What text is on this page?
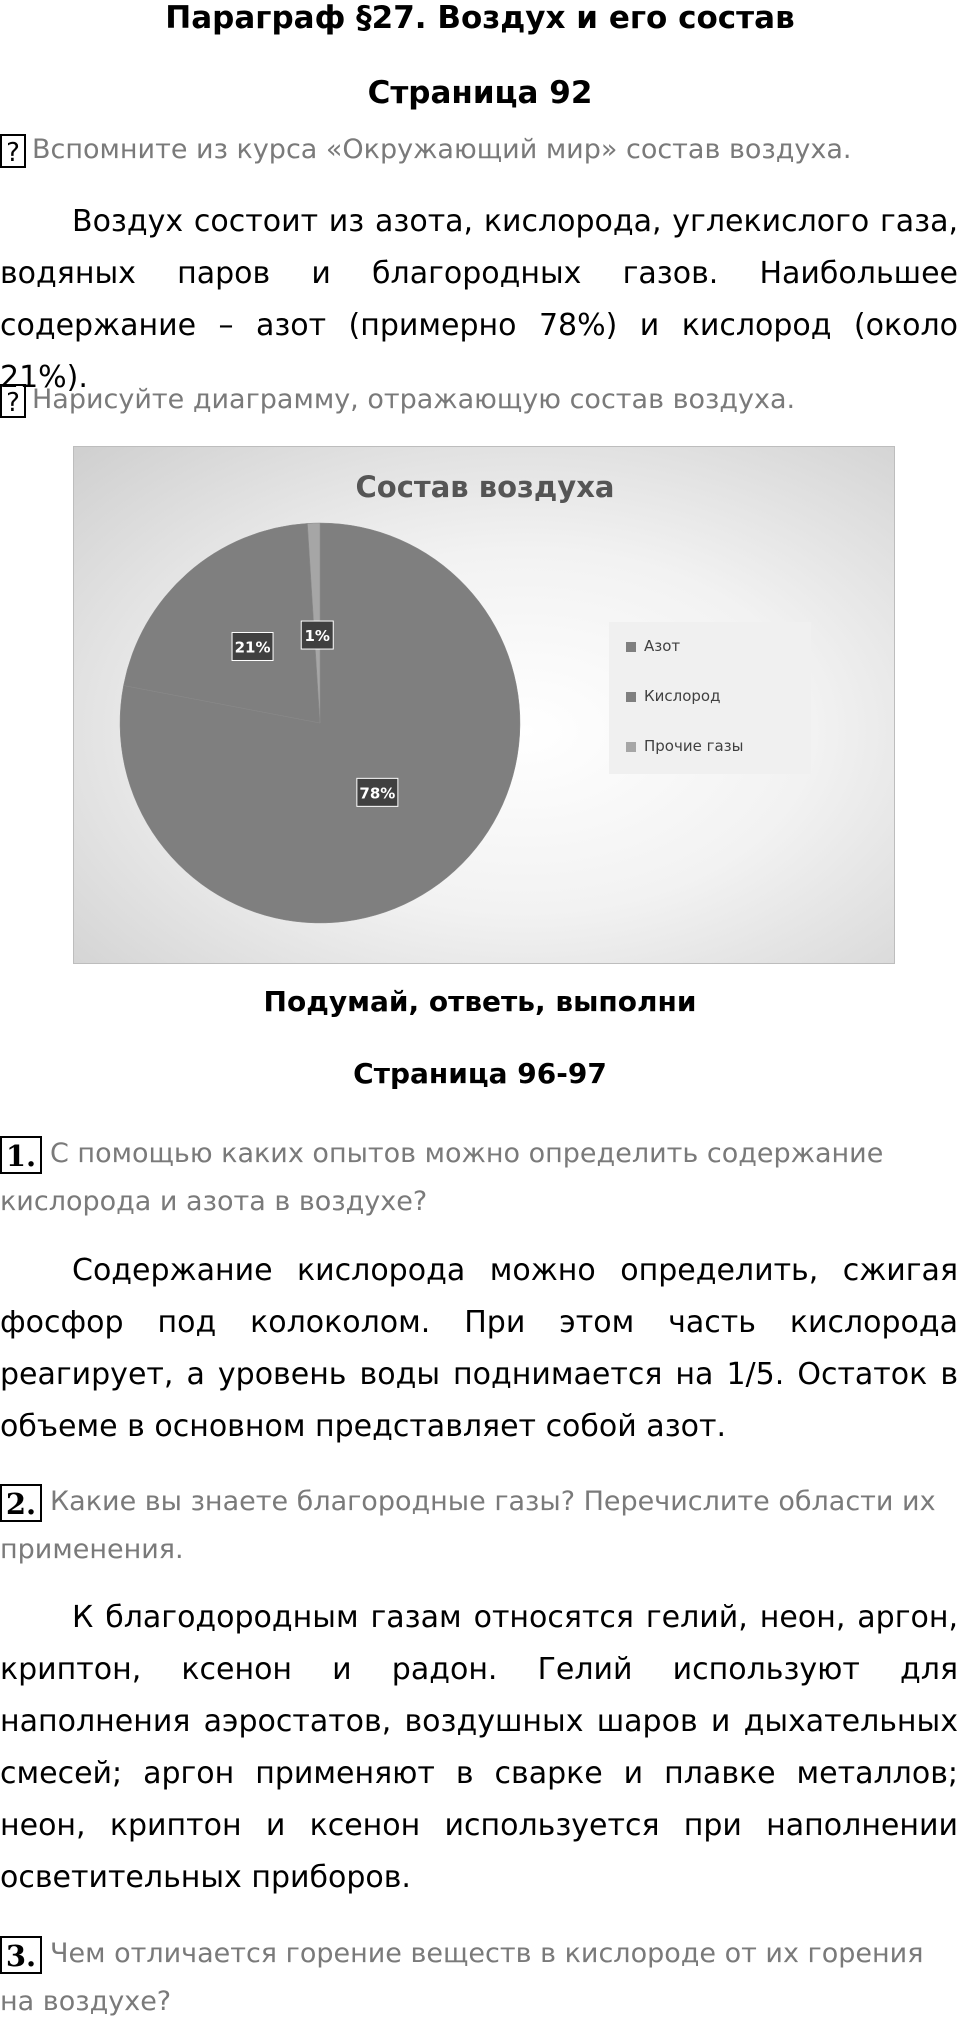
Параграф §27. Воздух и его состав
Страница 92
? Вспомните из курса «Окружающий мир» состав воздуха.
Воздух состоит из азота, кислорода, углекислого газа, водяных паров и благородных газов. Наибольшее содержание – азот (примерно 78%) и кислород (около 21%).
? Нарисуйте диаграмму, отражающую состав воздуха.
Состав воздуха
78%
21%
1%
Азот
Кислород
Прочие газы
Подумай, ответь, выполни
Страница 96-97
1. С помощью каких опытов можно определить содержание кислорода и азота в воздухе?
Содержание кислорода можно определить, сжигая фосфор под колоколом. При этом часть кислорода реагирует, а уровень воды поднимается на 1/5. Остаток в объеме в основном представляет собой азот.
2. Какие вы знаете благородные газы? Перечислите области их применения.
К благодородным газам относятся гелий, неон, аргон, криптон, ксенон и радон. Гелий используют для наполнения аэростатов, воздушных шаров и дыхательных смесей; аргон применяют в сварке и плавке металлов; неон, криптон и ксенон используется при наполнении осветительных приборов.
3. Чем отличается горение веществ в кислороде от их горения на воздухе?
